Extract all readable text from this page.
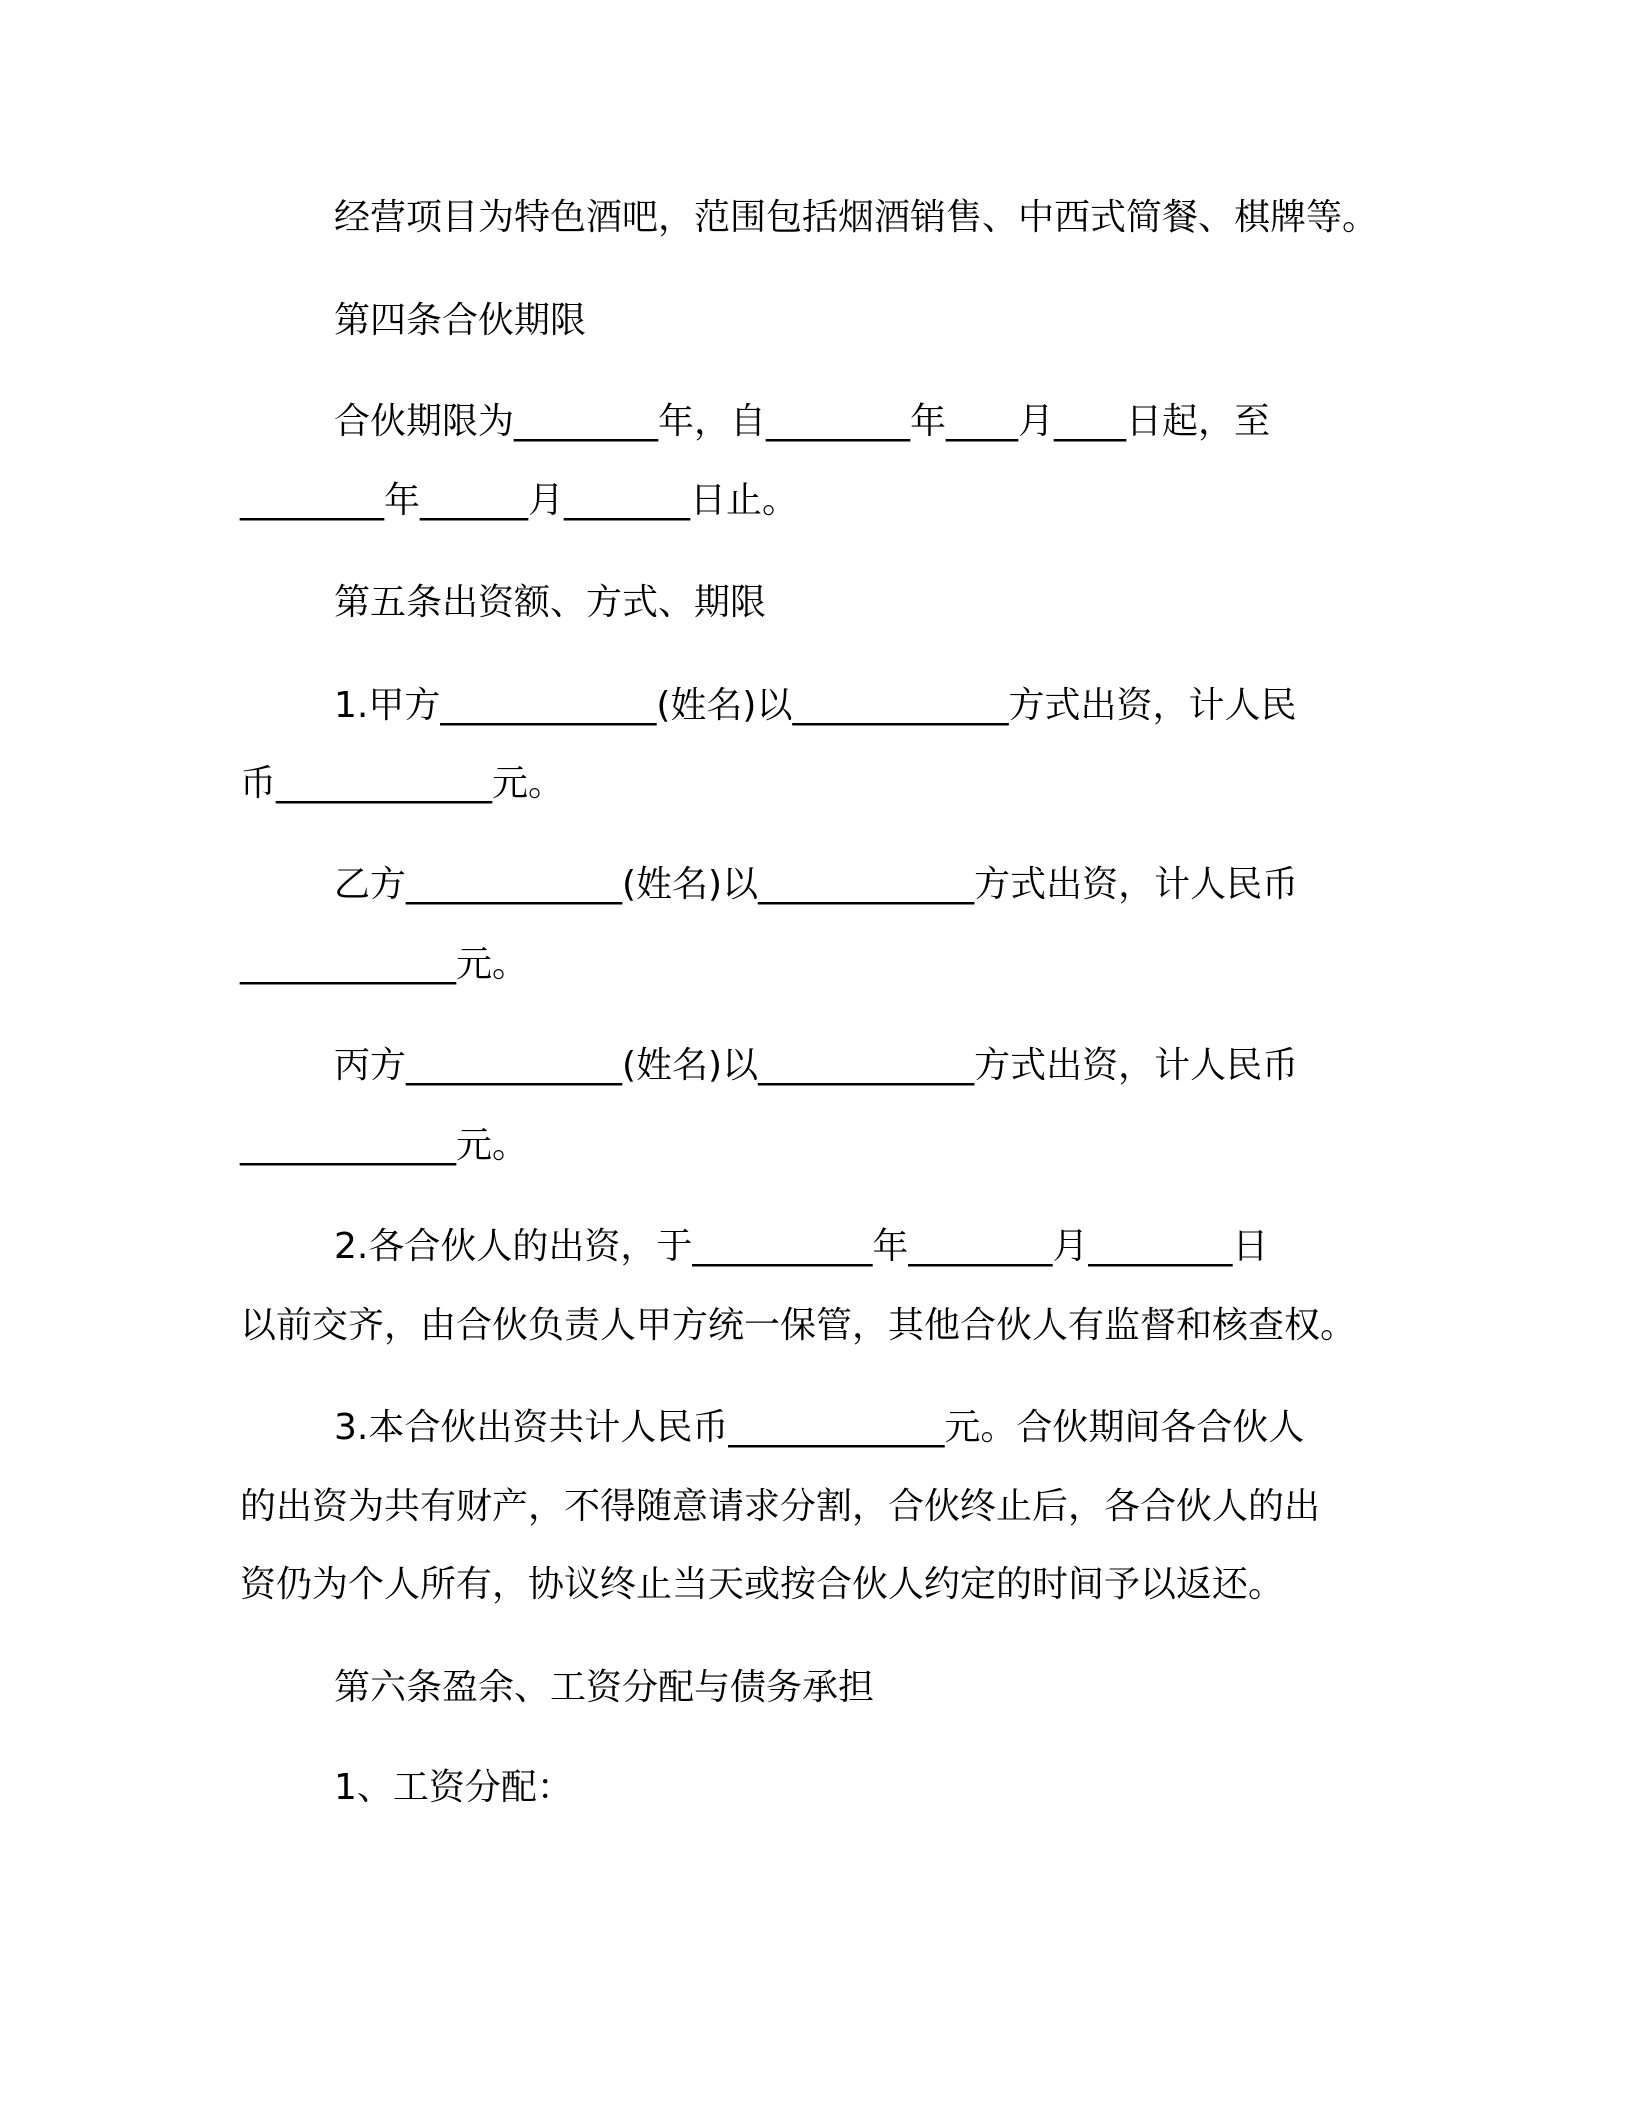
经营项目为特色酒吧，范围包括烟酒销售、中西式简餐、棋牌等。

第四条合伙期限

合伙期限为________年，自________年____月____日起，至

________年______月_______日止。

第五条出资额、方式、期限

1.甲方____________(姓名)以____________方式出资，计人民

币____________元。

乙方____________(姓名)以____________方式出资，计人民币

____________元。

丙方____________(姓名)以____________方式出资，计人民币

____________元。

2.各合伙人的出资，于__________年________月________日

以前交齐，由合伙负责人甲方统一保管，其他合伙人有监督和核查权。

3.本合伙出资共计人民币____________元。合伙期间各合伙人

的出资为共有财产，不得随意请求分割，合伙终止后，各合伙人的出

资仍为个人所有，协议终止当天或按合伙人约定的时间予以返还。

第六条盈余、工资分配与债务承担

1、工资分配：
